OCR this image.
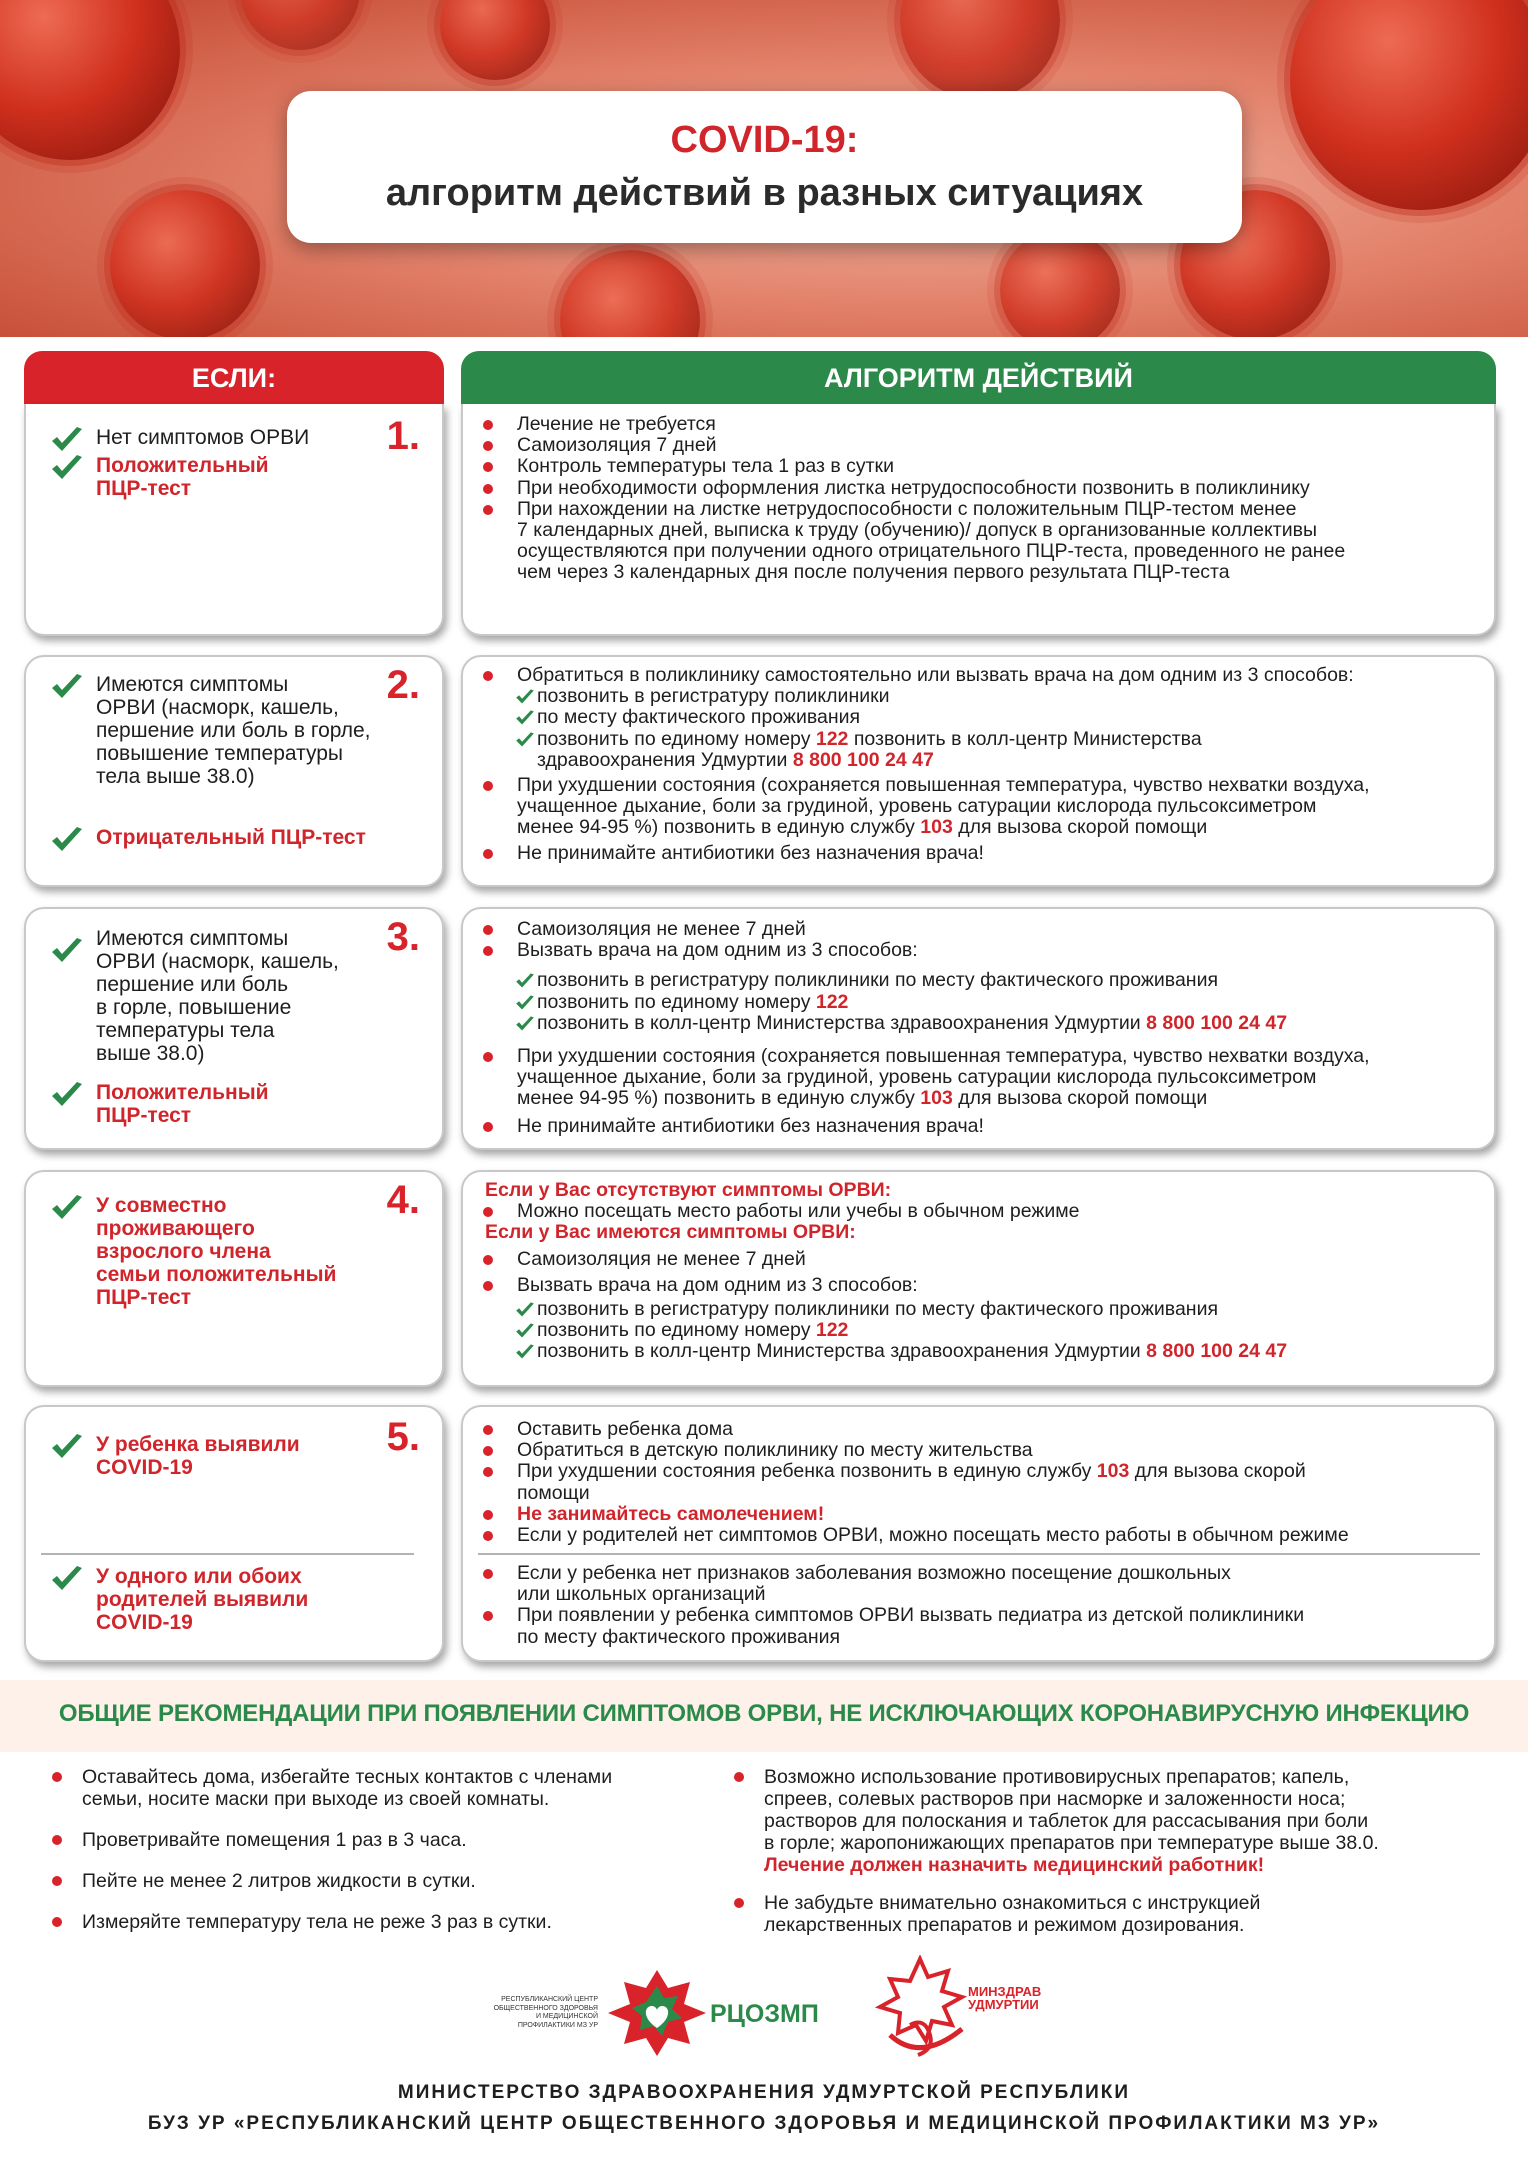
COVID-19:
алгоритм действий в разных ситуациях
ЕСЛИ:	АЛГОРИТМ ДЕЙСТВИЙ
1.
Нет симптомов ОРВИ
Положительный
ПЦР-тест
Лечение не требуется
Самоизоляция 7 дней
Контроль температуры тела 1 раз в сутки
При необходимости оформления листка нетрудоспособности позвонить в поликлинику
При нахождении на листке нетрудоспособности с положительным ПЦР-тестом менее
7 календарных дней, выписка к труду (обучению)/ допуск в организованные коллективы
осуществляются при получении одного отрицательного ПЦР-теста, проведенного не ранее
чем через 3 календарных дня после получения первого результата ПЦР-теста
2.
Имеются симптомы
ОРВИ (насморк, кашель,
першение или боль в горле,
повышение температуры
тела выше 38.0)
Отрицательный ПЦР-тест
Обратиться в поликлинику самостоятельно или вызвать врача на дом одним из 3 способов:
позвонить в регистратуру поликлиники
по месту фактического проживания
позвонить по единому номеру 122 позвонить в колл-центр Министерства
здравоохранения Удмуртии 8 800 100 24 47
При ухудшении состояния (сохраняется повышенная температура, чувство нехватки воздуха,
учащенное дыхание, боли за грудиной, уровень сатурации кислорода пульсоксиметром
менее 94-95 %) позвонить в единую службу 103 для вызова скорой помощи
Не принимайте антибиотики без назначения врача!
3.
Имеются симптомы
ОРВИ (насморк, кашель,
першение или боль
в горле, повышение
температуры тела
выше 38.0)
Положительный
ПЦР-тест
Самоизоляция не менее 7 дней
Вызвать врача на дом одним из 3 способов:
позвонить в регистратуру поликлиники по месту фактического проживания
позвонить по единому номеру 122
позвонить в колл-центр Министерства здравоохранения Удмуртии 8 800 100 24 47
При ухудшении состояния (сохраняется повышенная температура, чувство нехватки воздуха,
учащенное дыхание, боли за грудиной, уровень сатурации кислорода пульсоксиметром
менее 94-95 %) позвонить в единую службу 103 для вызова скорой помощи
Не принимайте антибиотики без назначения врача!
4.
У совместно
проживающего
взрослого члена
семьи положительный
ПЦР-тест
Если у Вас отсутствуют симптомы ОРВИ:
Можно посещать место работы или учебы в обычном режиме
Если у Вас имеются симптомы ОРВИ:
Самоизоляция не менее 7 дней
Вызвать врача на дом одним из 3 способов:
позвонить в регистратуру поликлиники по месту фактического проживания
позвонить по единому номеру 122
позвонить в колл-центр Министерства здравоохранения Удмуртии 8 800 100 24 47
5.
У ребенка выявили
COVID-19
У одного или обоих
родителей выявили
COVID-19
Оставить ребенка дома
Обратиться в детскую поликлинику по месту жительства
При ухудшении состояния ребенка позвонить в единую службу 103 для вызова скорой
помощи
Не занимайтесь самолечением!
Если у родителей нет симптомов ОРВИ, можно посещать место работы в обычном режиме
Если у ребенка нет признаков заболевания возможно посещение дошкольных
или школьных организаций
При появлении у ребенка симптомов ОРВИ вызвать педиатра из детской поликлиники
по месту фактического проживания
ОБЩИЕ РЕКОМЕНДАЦИИ ПРИ ПОЯВЛЕНИИ СИМПТОМОВ ОРВИ, НЕ ИСКЛЮЧАЮЩИХ КОРОНАВИРУСНУЮ ИНФЕКЦИЮ
Оставайтесь дома, избегайте тесных контактов с членами
семьи, носите маски при выходе из своей комнаты.
Проветривайте помещения 1 раз в 3 часа.
Пейте не менее 2 литров жидкости в сутки.
Измеряйте температуру тела не реже 3 раз в сутки.
Возможно использование противовирусных препаратов; капель,
спреев, солевых растворов при насморке и заложенности носа;
растворов для полоскания и таблеток для рассасывания при боли
в горле; жаропонижающих препаратов при температуре выше 38.0.
Лечение должен назначить медицинский работник!
Не забудьте внимательно ознакомиться с инструкцией
лекарственных препаратов и режимом дозирования.
РЕСПУБЛИКАНСКИЙ ЦЕНТР
ОБЩЕСТВЕННОГО ЗДОРОВЬЯ
И МЕДИЦИНСКОЙ
ПРОФИЛАКТИКИ МЗ УР	РЦОЗМП
МИНЗДРАВ
УДМУРТИИ
МИНИСТЕРСТВО ЗДРАВООХРАНЕНИЯ УДМУРТСКОЙ РЕСПУБЛИКИ
БУЗ УР «РЕСПУБЛИКАНСКИЙ ЦЕНТР ОБЩЕСТВЕННОГО ЗДОРОВЬЯ И МЕДИЦИНСКОЙ ПРОФИЛАКТИКИ МЗ УР»
